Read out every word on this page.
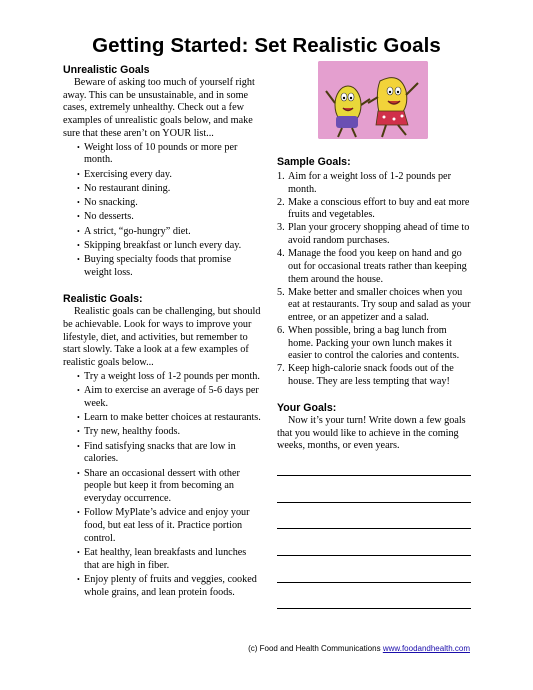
Getting Started: Set Realistic Goals
Unrealistic Goals

Beware of asking too much of yourself right away. This can be unsustainable, and in some cases, extremely unhealthy. Check out a few examples of unrealistic goals below, and make sure that these aren’t on YOUR list...

• Weight loss of 10 pounds or more per month.
• Exercising every day.
• No restaurant dining.
• No snacking.
• No desserts.
• A strict, “go-hungry” diet.
• Skipping breakfast or lunch every day.
• Buying specialty foods that promise weight loss.
Realistic Goals:

Realistic goals can be challenging, but should be achievable. Look for ways to improve your lifestyle, diet, and activities, but remember to start slowly. Take a look at a few examples of realistic goals below...

• Try a weight loss of 1-2 pounds per month.
• Aim to exercise an average of 5-6 days per week.
• Learn to make better choices at restaurants.
• Try new, healthy foods.
• Find satisfying snacks that are low in calories.
• Share an occasional dessert with other people but keep it from becoming an everyday occurrence.
• Follow MyPlate’s advice and enjoy your food, but eat less of it. Practice portion control.
• Eat healthy, lean breakfasts and lunches that are high in fiber.
• Enjoy plenty of fruits and veggies, cooked whole grains, and lean protein foods.
Sample Goals:
1. Aim for a weight loss of 1-2 pounds per month.
2. Make a conscious effort to buy and eat more fruits and vegetables.
3. Plan your grocery shopping ahead of time to avoid random purchases.
4. Manage the food you keep on hand and go out for occasional treats rather than keeping them around the house.
5. Make better and smaller choices when you eat at restaurants. Try soup and salad as your entree, or an appetizer and a salad.
6. When possible, bring a bag lunch from home. Packing your own lunch makes it easier to control the calories and contents.
7. Keep high-calorie snack foods out of the house. They are less tempting that way!
Your Goals:

Now it’s your turn! Write down a few goals that you would like to achieve in the coming weeks, months, or even years.

(c) Food and Health Communications www.foodandhealth.com
